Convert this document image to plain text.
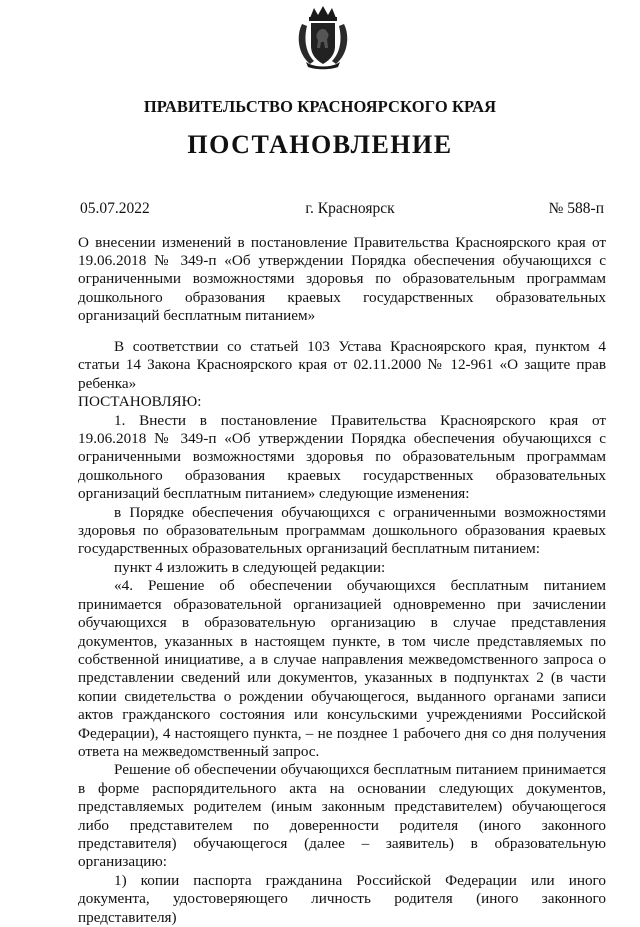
ПРАВИТЕЛЬСТВО КРАСНОЯРСКОГО КРАЯ
ПОСТАНОВЛЕНИЕ
05.07.2022	г. Красноярск	№ 588-п
О внесении изменений в постановление Правительства Красноярского края от 19.06.2018 № 349-п «Об утверждении Порядка обеспечения обучающихся с ограниченными возможностями здоровья по образовательным программам дошкольного образования краевых государственных образовательных организаций бесплатным питанием»

В соответствии со статьей 103 Устава Красноярского края, пунктом 4 статьи 14 Закона Красноярского края от 02.11.2000 № 12-961 «О защите прав ребенка»

ПОСТАНОВЛЯЮ:

1. Внести в постановление Правительства Красноярского края от 19.06.2018 № 349-п «Об утверждении Порядка обеспечения обучающихся с ограниченными возможностями здоровья по образовательным программам дошкольного образования краевых государственных образовательных организаций бесплатным питанием» следующие изменения:

в Порядке обеспечения обучающихся с ограниченными возможностями здоровья по образовательным программам дошкольного образования краевых государственных образовательных организаций бесплатным питанием:

пункт 4 изложить в следующей редакции:

«4. Решение об обеспечении обучающихся бесплатным питанием принимается образовательной организацией одновременно при зачислении обучающихся в образовательную организацию в случае представления документов, указанных в настоящем пункте, в том числе представляемых по собственной инициативе, а в случае направления межведомственного запроса о представлении сведений или документов, указанных в подпунктах 2 (в части копии свидетельства о рождении обучающегося, выданного органами записи актов гражданского состояния или консульскими учреждениями Российской Федерации), 4 настоящего пункта, – не позднее 1 рабочего дня со дня получения ответа на межведомственный запрос.

Решение об обеспечении обучающихся бесплатным питанием принимается в форме распорядительного акта на основании следующих документов, представляемых родителем (иным законным представителем) обучающегося либо представителем по доверенности родителя (иного законного представителя) обучающегося (далее – заявитель) в образовательную организацию:

1) копии паспорта гражданина Российской Федерации или иного документа, удостоверяющего личность родителя (иного законного представителя)
